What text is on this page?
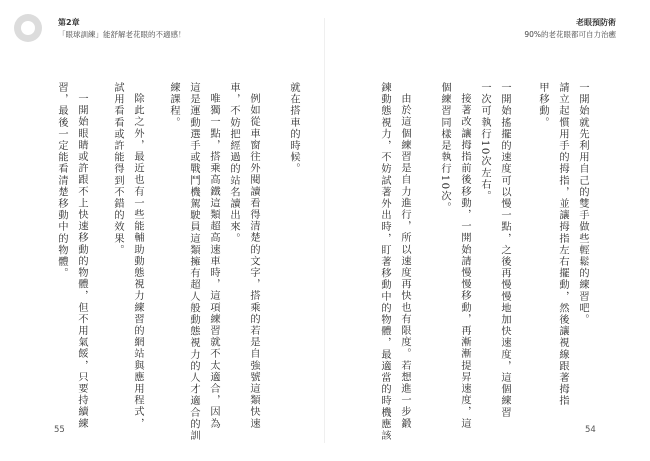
第2章
「眼球訓練」能舒解老花眼的不適感！
老眼預防術
90%的老花眼都可自力治癒
一開始就先利用自己的雙手做些輕鬆的練習吧。
請立起慣用手的拇指，並讓拇指左右擺動，然後讓視線跟著拇指
甲移動。
一開始搖擺的速度可以慢一點，之後再慢慢地加快速度，這個練習
一次可執行10次左右。
接著改讓拇指前後移動，一開始請慢慢移動，再漸漸提昇速度，這
個練習同樣是執行10次。
由於這個練習是自力進行，所以速度再快也有限度。若想進一步鍛
鍊動態視力，不妨試著外出時，盯著移動中的物體，最適當的時機應該
就在搭車的時候。
例如從車窗往外閱讀看得清楚的文字，搭乘的若是自強號這類快速
車，不妨把經過的站名讀出來。
唯獨一點，搭乘高鐵這類超高速車時，這項練習就不太適合，因為
這是運動選手或戰鬥機駕駛員這類擁有超人般動態視力的人才適合的訓
練課程。
除此之外，最近也有一些能輔助動態視力練習的網站與應用程式，
試用看看或許能得到不錯的效果。
一開始眼睛或許跟不上快速移動的物體，但不用氣餒，只要持續練
習，最後一定能看清楚移動中的物體。
55	54
